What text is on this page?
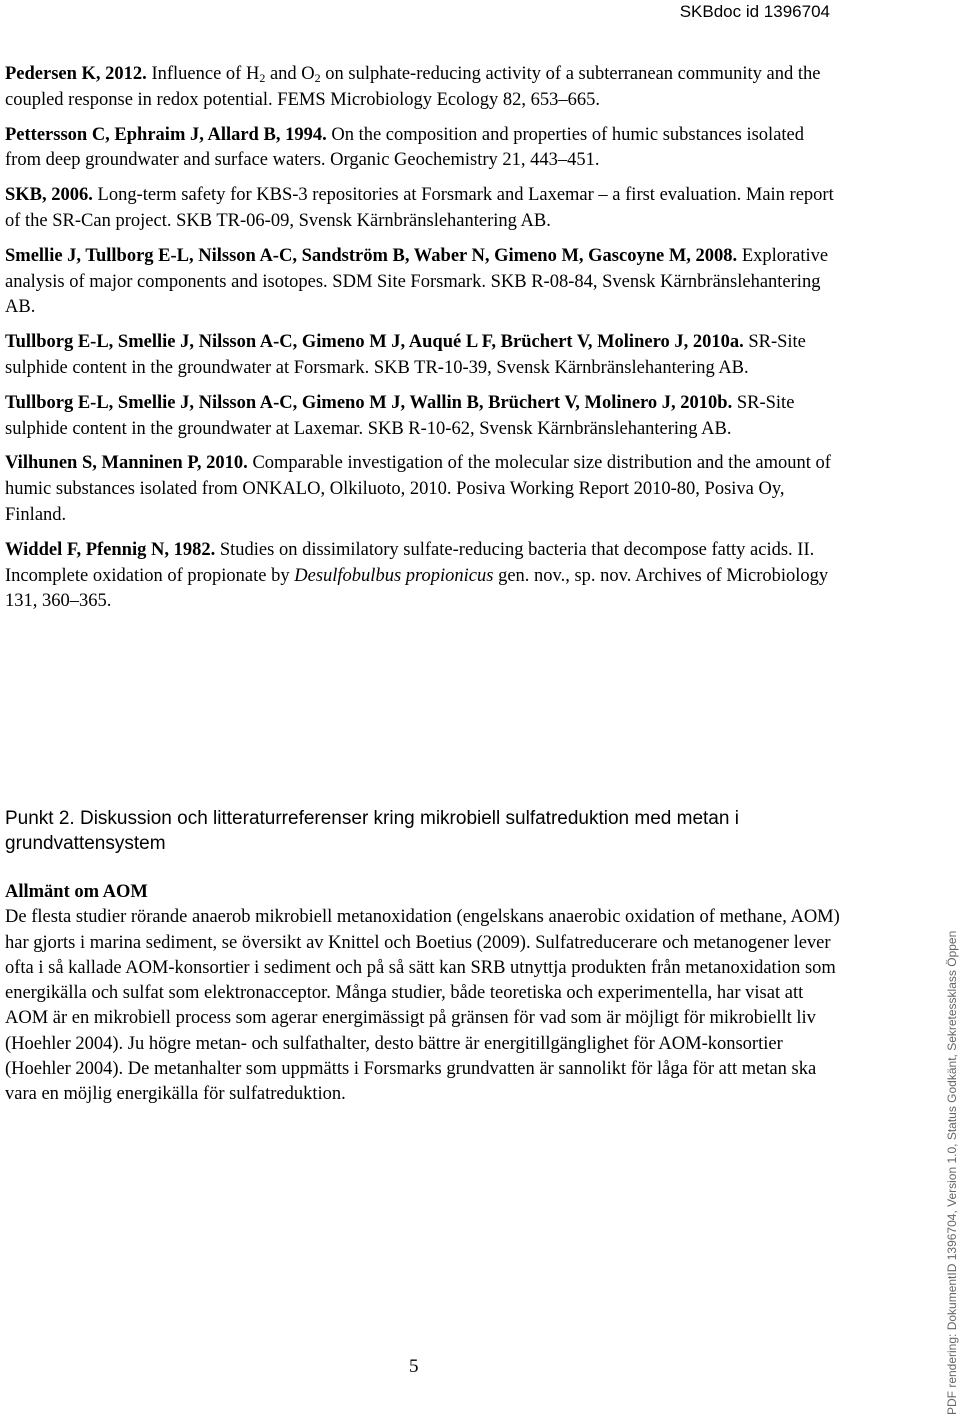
SKBdoc id 1396704

Pedersen K, 2012. Influence of $H_2$ and $O_2$ on sulphate-reducing activity of a subterranean community and the coupled response in redox potential. FEMS Microbiology Ecology 82, 653–665.

Pettersson C, Ephraim J, Allard B, 1994. On the composition and properties of humic substances isolated from deep groundwater and surface waters. Organic Geochemistry 21, 443–451.

SKB, 2006. Long-term safety for KBS-3 repositories at Forsmark and Laxemar – a first evaluation. Main report of the SR-Can project. SKB TR-06-09, Svensk Kärnbränslehantering AB.

Smellie J, Tullborg E-L, Nilsson A-C, Sandström B, Waber N, Gimeno M, Gascoyne M, 2008. Explorative analysis of major components and isotopes. SDM Site Forsmark. SKB R-08-84, Svensk Kärnbränslehantering AB.

Tullborg E-L, Smellie J, Nilsson A-C, Gimeno M J, Auqué L F, Brüchert V, Molinero J, 2010a. SR-Site sulphide content in the groundwater at Forsmark. SKB TR-10-39, Svensk Kärnbränslehantering AB.

Tullborg E-L, Smellie J, Nilsson A-C, Gimeno M J, Wallin B, Brüchert V, Molinero J, 2010b. SR-Site sulphide content in the groundwater at Laxemar. SKB R-10-62, Svensk Kärnbränslehantering AB.

Vilhunen S, Manninen P, 2010. Comparable investigation of the molecular size distribution and the amount of humic substances isolated from ONKALO, Olkiluoto, 2010. Posiva Working Report 2010-80, Posiva Oy, Finland.

Widdel F, Pfennig N, 1982. Studies on dissimilatory sulfate-reducing bacteria that decompose fatty acids. II. Incomplete oxidation of propionate by Desulfobulbus propionicus gen. nov., sp. nov. Archives of Microbiology 131, 360–365.

Punkt 2. Diskussion och litteraturreferenser kring mikrobiell sulfatreduktion med metan i grundvattensystem
Allmänt om AOM
De flesta studier rörande anaerob mikrobiell metanoxidation (engelskans anaerobic oxidation of methane, AOM) har gjorts i marina sediment, se översikt av Knittel och Boetius (2009). Sulfatreducerare och metanogener lever ofta i så kallade AOM-konsortier i sediment och på så sätt kan SRB utnyttja produkten från metanoxidation som energikälla och sulfat som elektronacceptor. Många studier, både teoretiska och experimentella, har visat att AOM är en mikrobiell process som agerar energimässigt på gränsen för vad som är möjligt för mikrobiellt liv (Hoehler 2004). Ju högre metan- och sulfathalter, desto bättre är energitillgänglighet för AOM-konsortier (Hoehler 2004). De metanhalter som uppmätts i Forsmarks grundvatten är sannolikt för låga för att metan ska vara en möjlig energikälla för sulfatreduktion.
5	PDF rendering: DokumentID 1396704, Version 1.0, Status Godkänt, Sekretessklass Öppen
